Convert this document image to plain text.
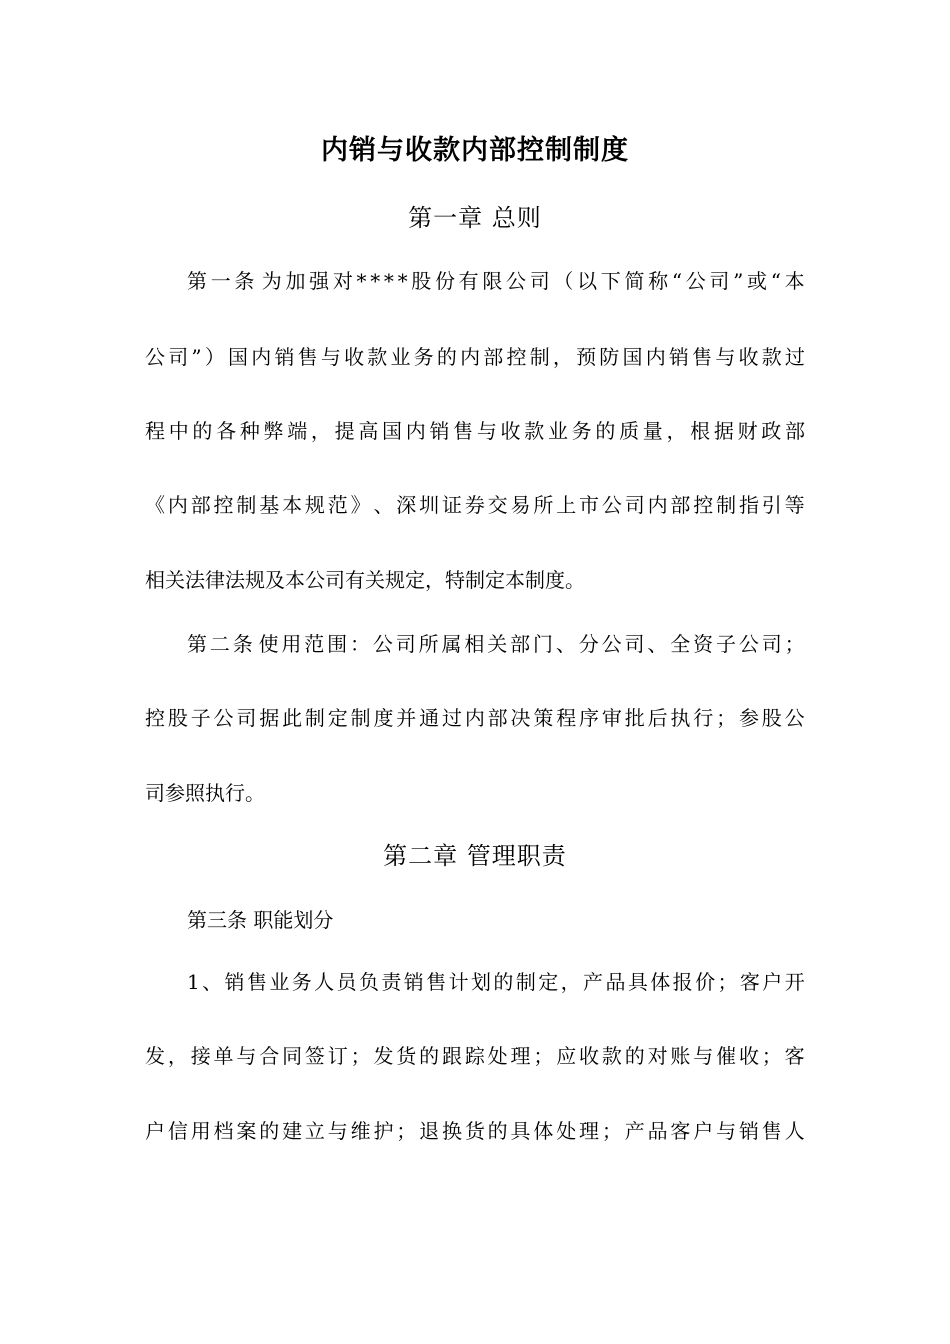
内销与收款内部控制制度
第一章 总则
第 一 条 为 加 强 对 * * * * 股 份 有 限 公 司 （ 以 下 简 称 “ 公 司 ” 或 “ 本
公 司 ” ） 国 内 销 售 与 收 款 业 务 的 内 部 控 制 ， 预 防 国 内 销 售 与 收 款 过
程 中 的 各 种 弊 端 ， 提 高 国 内 销 售 与 收 款 业 务 的 质 量 ， 根 据 财 政 部
《 内 部 控 制 基 本 规 范 》 、 深 圳 证 券 交 易 所 上 市 公 司 内 部 控 制 指 引 等
相关法律法规及本公司有关规定，特制定本制度。
第 二 条 使 用 范 围 ： 公 司 所 属 相 关 部 门 、 分 公 司 、 全 资 子 公 司 ；
控 股 子 公 司 据 此 制 定 制 度 并 通 过 内 部 决 策 程 序 审 批 后 执 行 ； 参 股 公
司参照执行。
第二章 管理职责
第三条 职能划分
1 、 销 售 业 务 人 员 负 责 销 售 计 划 的 制 定 ， 产 品 具 体 报 价 ； 客 户 开
发 ， 接 单 与 合 同 签 订 ； 发 货 的 跟 踪 处 理 ； 应 收 款 的 对 账 与 催 收 ； 客
户 信 用 档 案 的 建 立 与 维 护 ； 退 换 货 的 具 体 处 理 ； 产 品 客 户 与 销 售 人
